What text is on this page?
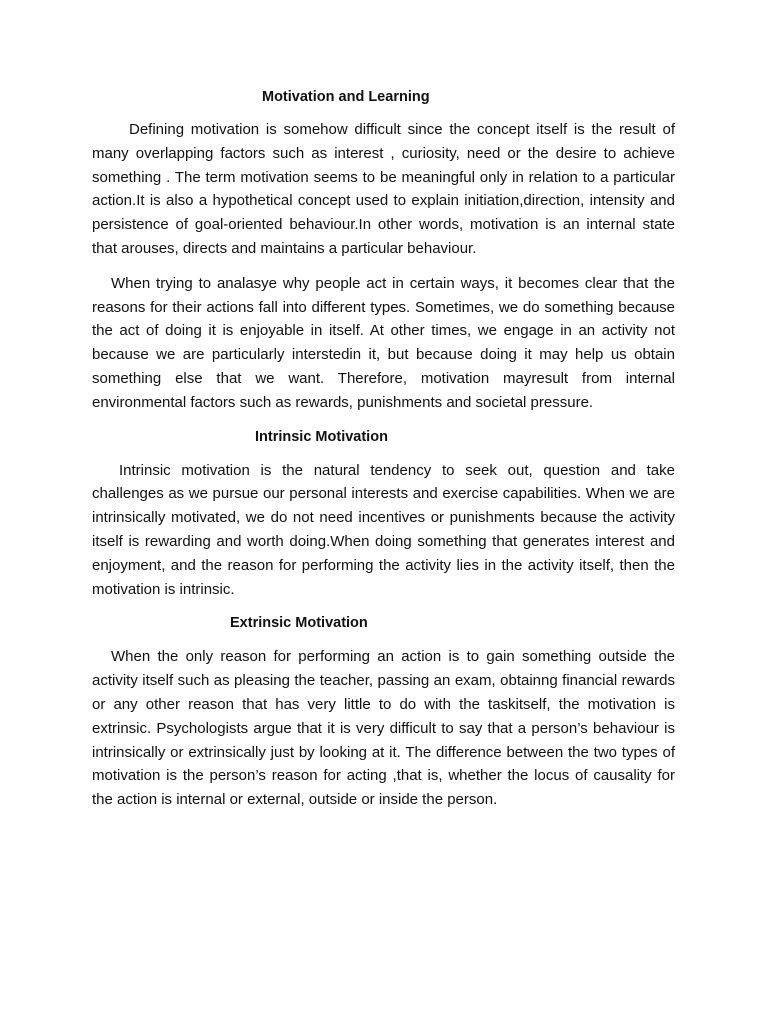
Motivation and Learning

Defining motivation is somehow difficult since the concept itself is the result of many overlapping factors such as interest , curiosity, need or the desire to achieve something . The term motivation seems to be meaningful only in relation to a particular action.It is also a hypothetical concept used to explain initiation,direction, intensity and persistence of goal-oriented behaviour.In other words, motivation is an internal state that arouses, directs and maintains a particular behaviour.

When trying to analasye why people act in certain ways, it becomes clear that the reasons for their actions fall into different types. Sometimes, we do something because the act of doing it is enjoyable in itself. At other times, we engage in an activity not because we are particularly interstedin it, but because doing it may help us obtain something else that we want. Therefore, motivation mayresult from internal environmental factors such as rewards, punishments and societal pressure.

Intrinsic Motivation

Intrinsic motivation is the natural tendency to seek out, question and take challenges as we pursue our personal interests and exercise capabilities. When we are intrinsically motivated, we do not need incentives or punishments because the activity itself is rewarding and worth doing.When doing something that generates interest and enjoyment, and the reason for performing the activity lies in the activity itself, then the motivation is intrinsic.

Extrinsic Motivation

When the only reason for performing an action is to gain something outside the activity itself such as pleasing the teacher, passing an exam, obtainng financial rewards or any other reason that has very little to do with the taskitself, the motivation is extrinsic. Psychologists argue that it is very difficult to say that a person’s behaviour is intrinsically or extrinsically just by looking at it. The difference between the two types of motivation is the person’s reason for acting ,that is, whether the locus of causality for the action is internal or external, outside or inside the person.
